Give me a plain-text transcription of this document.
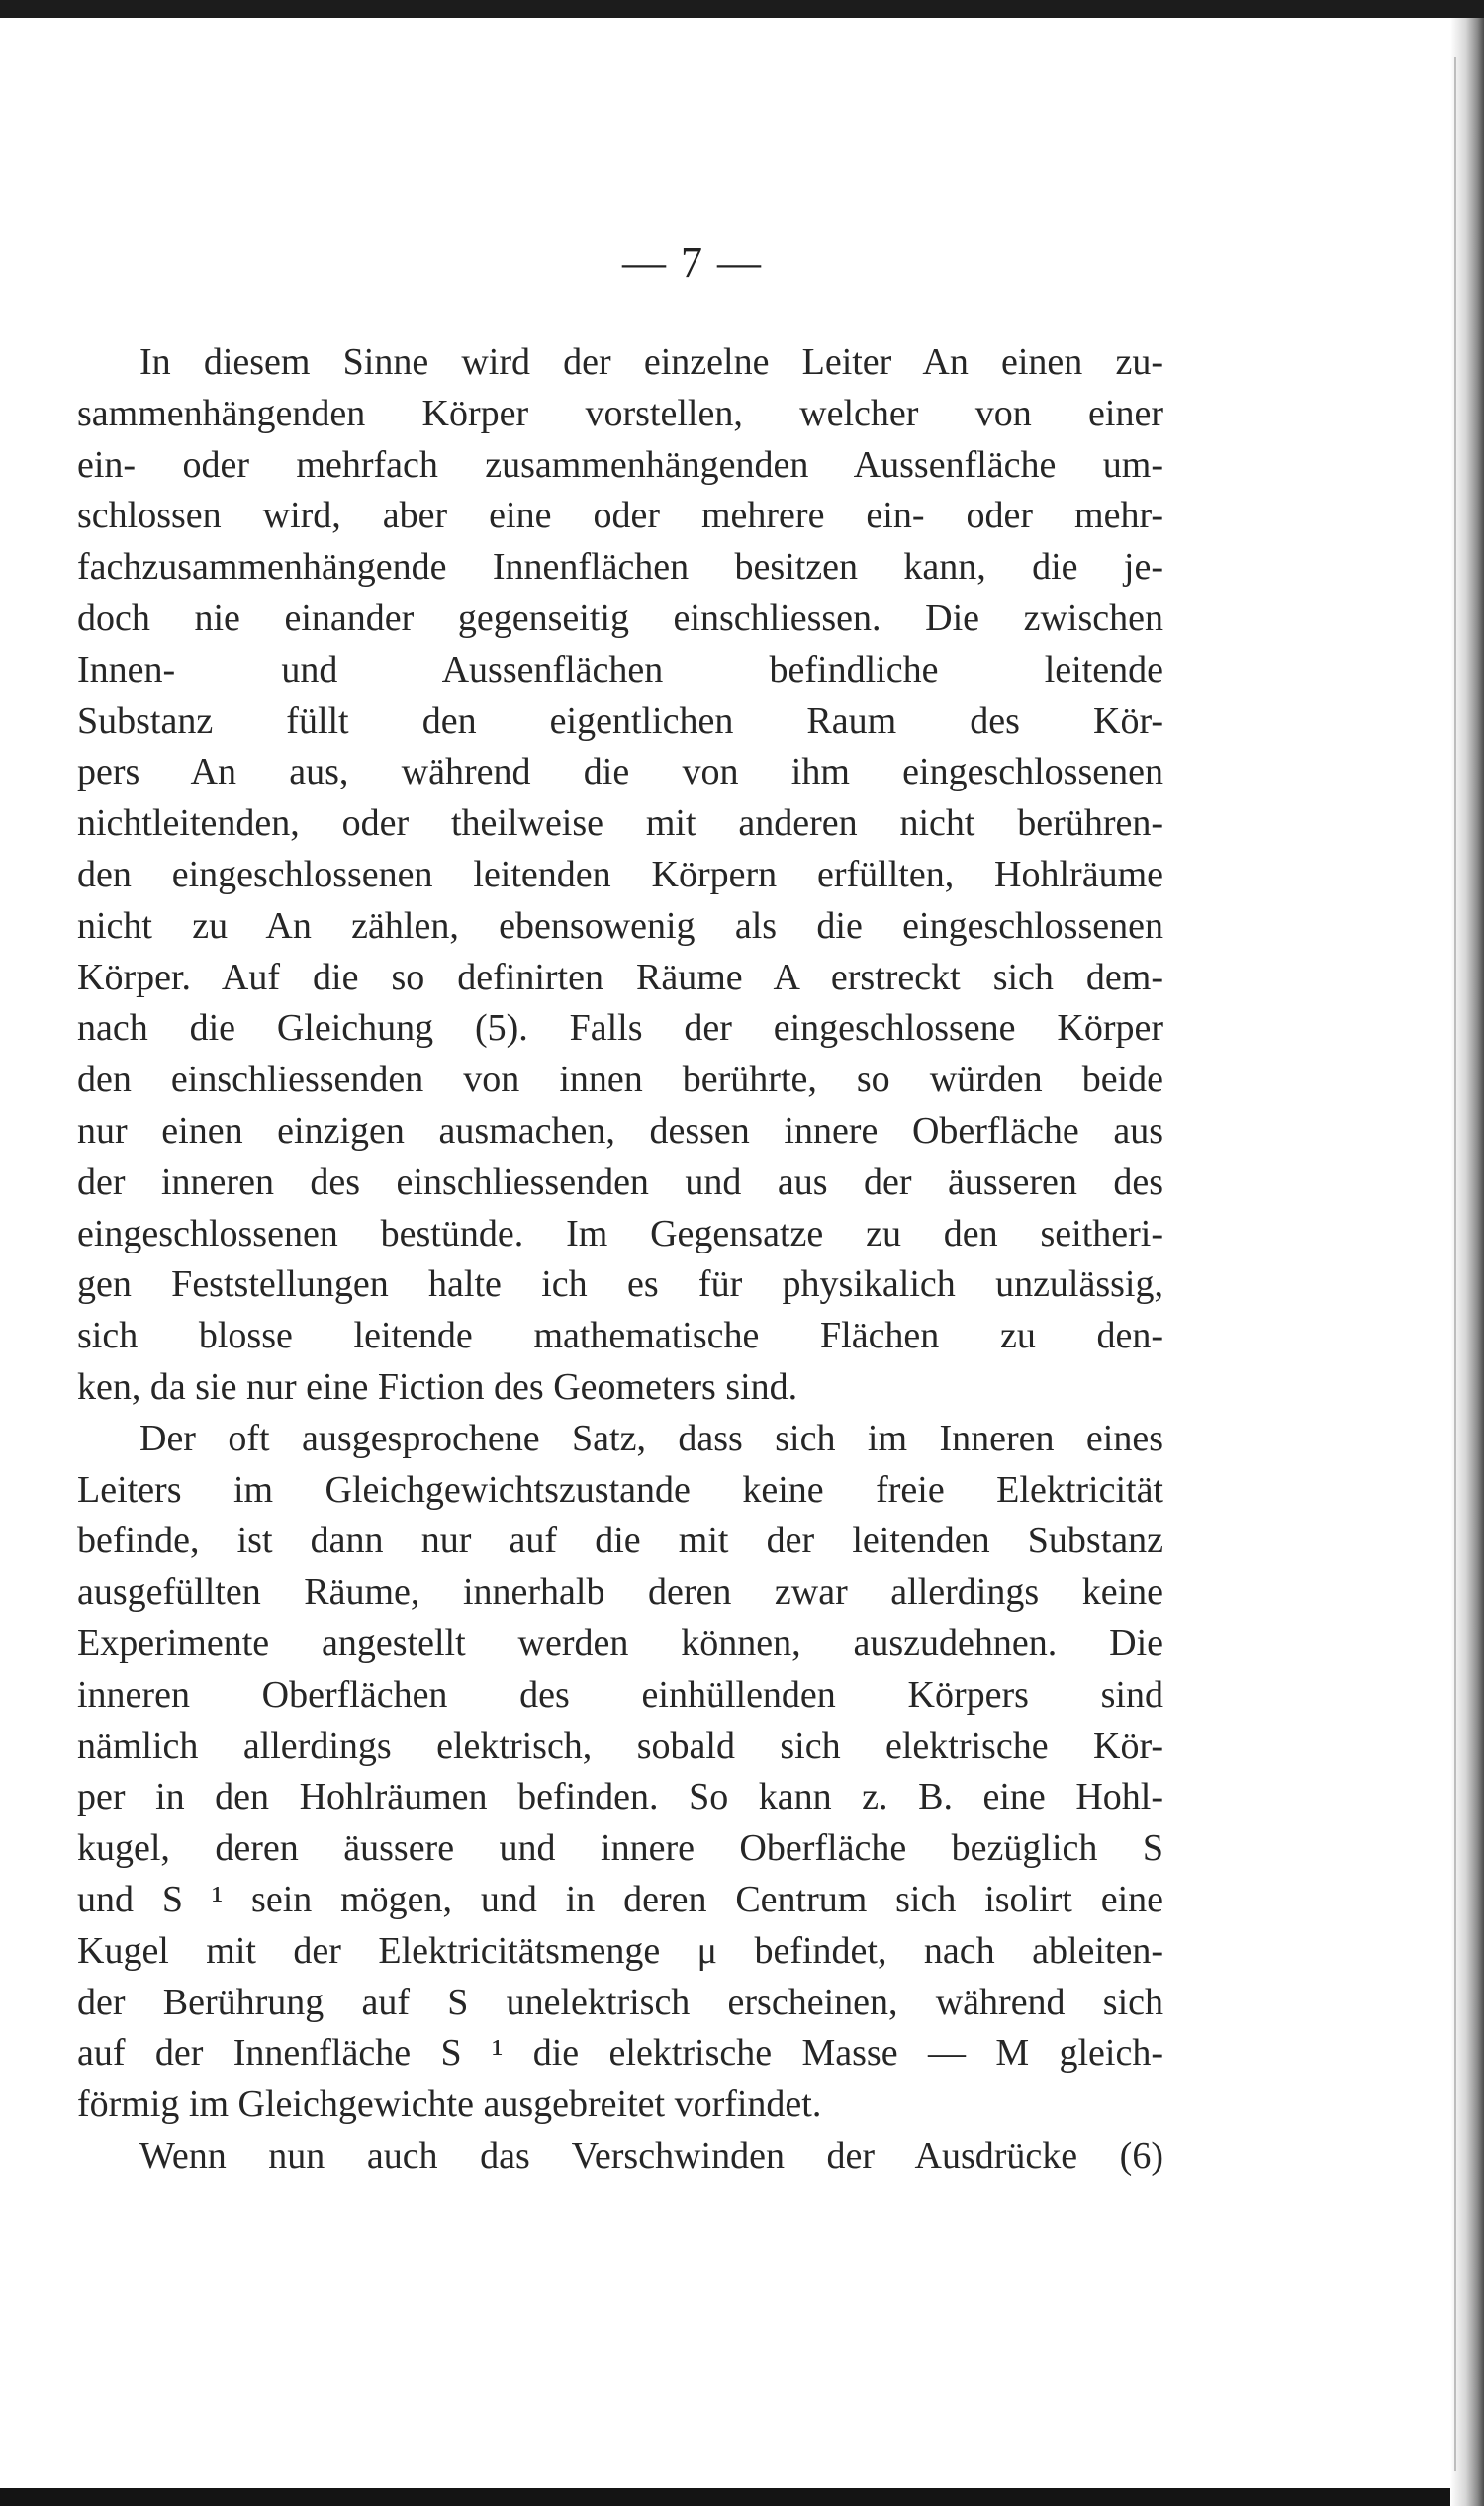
— 7 —
In diesem Sinne wird der einzelne Leiter An einen zu-
sammenhängenden Körper vorstellen, welcher von einer
ein- oder mehrfach zusammenhängenden Aussenfläche um-
schlossen wird, aber eine oder mehrere ein- oder mehr-
fachzusammenhängende Innenflächen besitzen kann, die je-
doch nie einander gegenseitig einschliessen. Die zwischen
Innen- und Aussenflächen befindliche leitende
Substanz füllt den eigentlichen Raum des Kör-
pers An aus, während die von ihm eingeschlossenen
nichtleitenden, oder theilweise mit anderen nicht berühren-
den eingeschlossenen leitenden Körpern erfüllten, Hohlräume
nicht zu An zählen, ebensowenig als die eingeschlossenen
Körper. Auf die so definirten Räume A erstreckt sich dem-
nach die Gleichung (5). Falls der eingeschlossene Körper
den einschliessenden von innen berührte, so würden beide
nur einen einzigen ausmachen, dessen innere Oberfläche aus
der inneren des einschliessenden und aus der äusseren des
eingeschlossenen bestünde. Im Gegensatze zu den seitheri-
gen Feststellungen halte ich es für physikalich unzulässig,
sich blosse leitende mathematische Flächen zu den-
ken, da sie nur eine Fiction des Geometers sind.
Der oft ausgesprochene Satz, dass sich im Inneren eines
Leiters im Gleichgewichtszustande keine freie Elektricität
befinde, ist dann nur auf die mit der leitenden Substanz
ausgefüllten Räume, innerhalb deren zwar allerdings keine
Experimente angestellt werden können, auszudehnen. Die
inneren Oberflächen des einhüllenden Körpers sind
nämlich allerdings elektrisch, sobald sich elektrische Kör-
per in den Hohlräumen befinden. So kann z. B. eine Hohl-
kugel, deren äussere und innere Oberfläche bezüglich S
und S ¹ sein mögen, und in deren Centrum sich isolirt eine
Kugel mit der Elektricitätsmenge μ befindet, nach ableiten-
der Berührung auf S unelektrisch erscheinen, während sich
auf der Innenfläche S ¹ die elektrische Masse — M gleich-
förmig im Gleichgewichte ausgebreitet vorfindet.
Wenn nun auch das Verschwinden der Ausdrücke (6)
